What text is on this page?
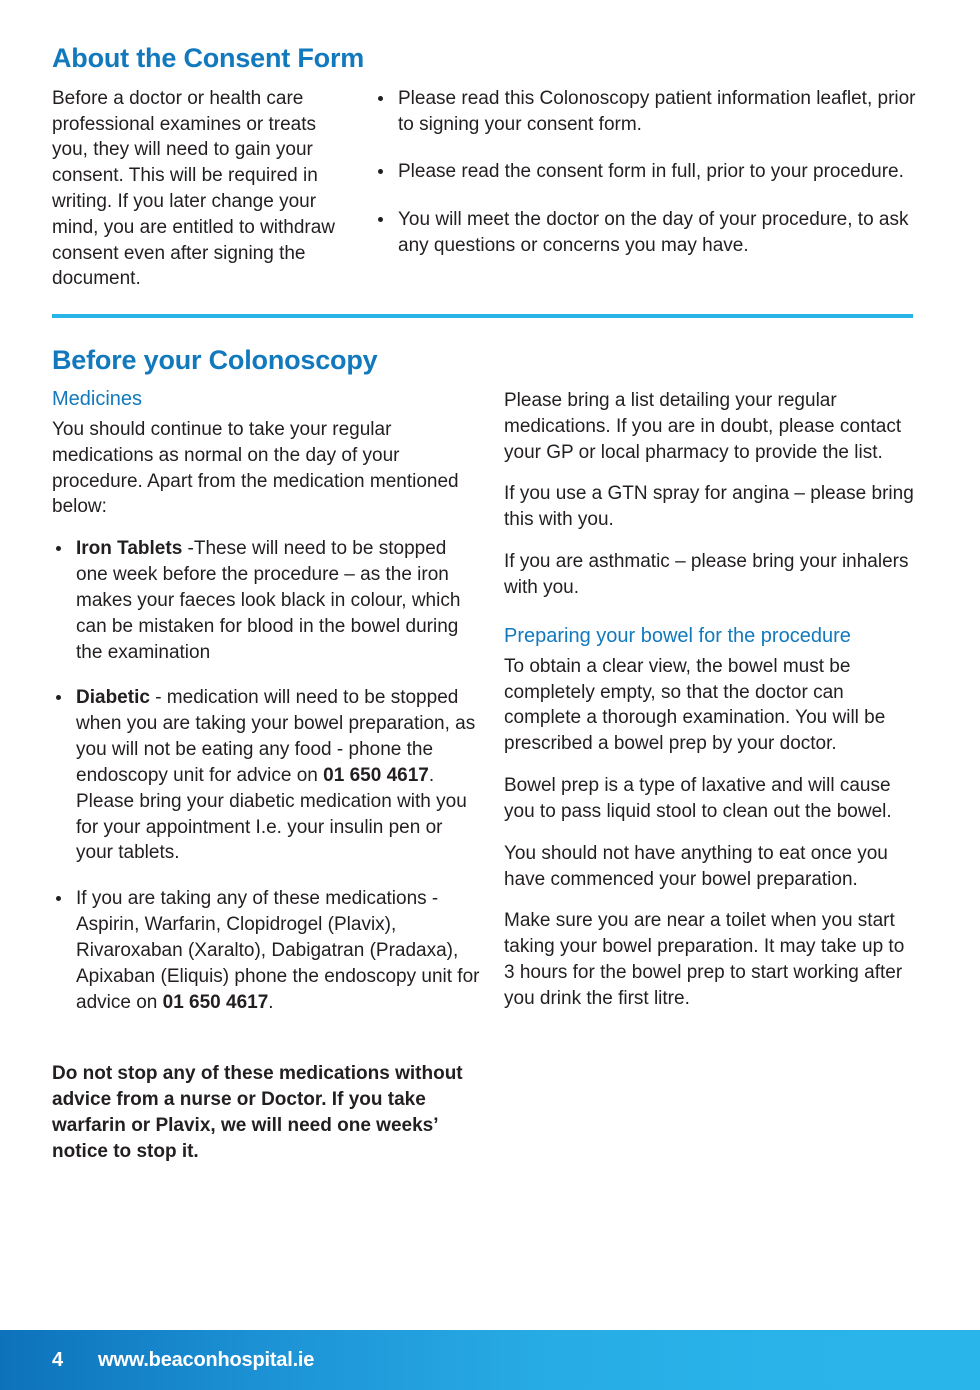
About the Consent Form

Before a doctor or health care professional examines or treats you, they will need to gain your consent. This will be required in writing. If you later change your mind, you are entitled to withdraw consent even after signing the document.

Please read this Colonoscopy patient information leaflet, prior to signing your consent form.
Please read the consent form in full, prior to your procedure.
You will meet the doctor on the day of your procedure, to ask any questions or concerns you may have.
Before your Colonoscopy
Medicines

You should continue to take your regular medications as normal on the day of your procedure. Apart from the medication mentioned below:

Iron Tablets -These will need to be stopped one week before the procedure – as the iron makes your faeces look black in colour, which can be mistaken for blood in the bowel during the examination
Diabetic - medication will need to be stopped when you are taking your bowel preparation, as you will not be eating any food - phone the endoscopy unit for advice on 01 650 4617. Please bring your diabetic medication with you for your appointment I.e. your insulin pen or your tablets.
If you are taking any of these medications - Aspirin, Warfarin, Clopidrogel (Plavix), Rivaroxaban (Xaralto), Dabigatran (Pradaxa), Apixaban (Eliquis) phone the endoscopy unit for advice on 01 650 4617.

Do not stop any of these medications without advice from a nurse or Doctor. If you take warfarin or Plavix, we will need one weeks’ notice to stop it.

Please bring a list detailing your regular medications. If you are in doubt, please contact your GP or local pharmacy to provide the list.

If you use a GTN spray for angina – please bring this with you.

If you are asthmatic – please bring your inhalers with you.

Preparing your bowel for the procedure

To obtain a clear view, the bowel must be completely empty, so that the doctor can complete a thorough examination. You will be prescribed a bowel prep by your doctor.

Bowel prep is a type of laxative and will cause you to pass liquid stool to clean out the bowel.

You should not have anything to eat once you have commenced your bowel preparation.

Make sure you are near a toilet when you start taking your bowel preparation. It may take up to 3 hours for the bowel prep to start working after you drink the first litre.

4	www.beaconhospital.ie
